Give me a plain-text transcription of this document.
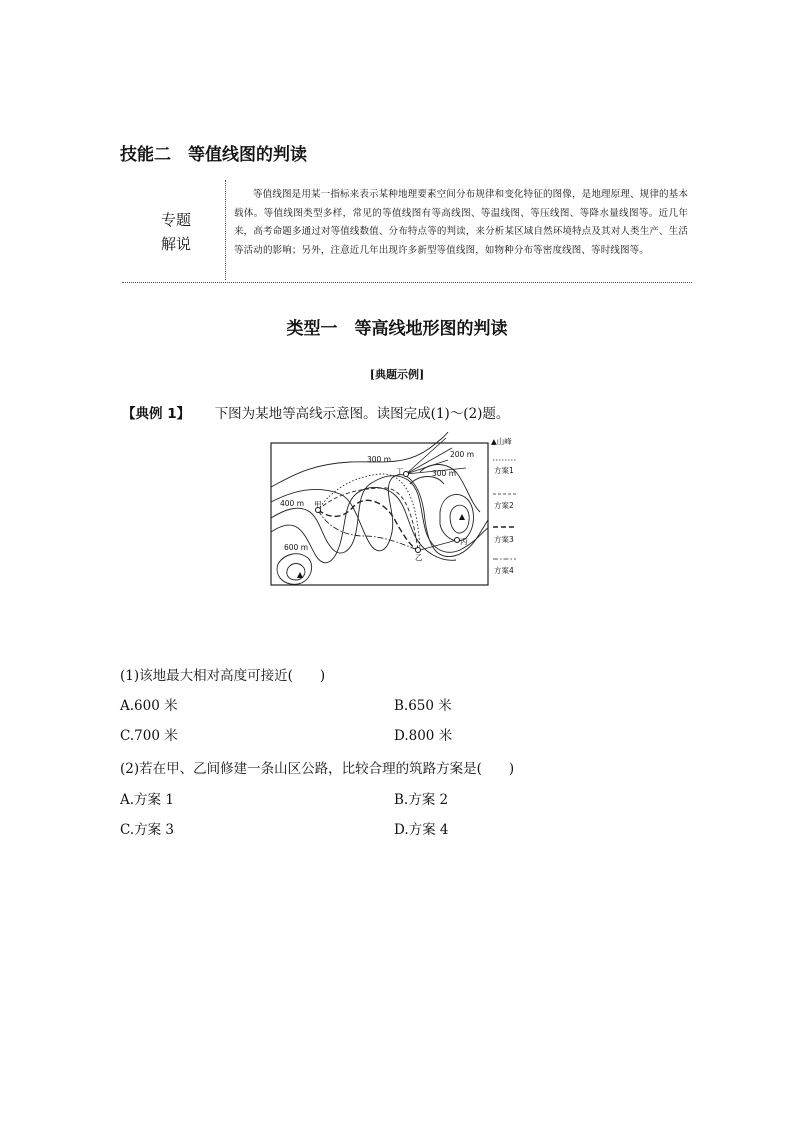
技能二　等值线图的判读
专题
解说
等值线图是用某一指标来表示某种地理要素空间分布规律和变化特征的图像，是地理原理、规律的基本载体。等值线图类型多样，常见的等值线图有等高线图、等温线图、等压线图、等降水量线图等。近几年来，高考命题多通过对等值线数值、分布特点等的判读，来分析某区域自然环境特点及其对人类生产、生活等活动的影响；另外，注意近几年出现许多新型等值线图，如物种分布等密度线图、等时线图等。
类型一　等高线地形图的判读
[典题示例]
【典例 1】 下图为某地等高线示意图。读图完成(1)～(2)题。
300 m
200 m
300 m
400 m
600 m
甲
丁
乙
丙
▲山峰
方案1
方案2
方案3
方案4
(1)该地最大相对高度可接近(　　)
A.600 米	B.650 米
C.700 米	D.800 米
(2)若在甲、乙间修建一条山区公路，比较合理的筑路方案是(　　)
A.方案 1	B.方案 2
C.方案 3	D.方案 4
